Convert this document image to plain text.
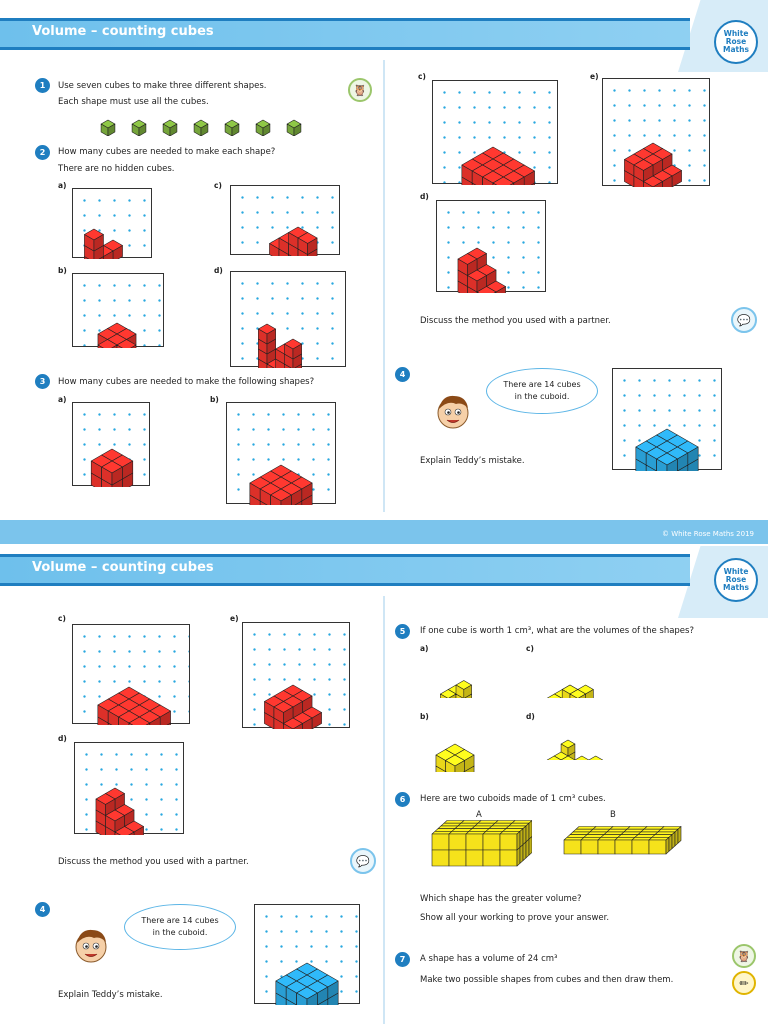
Volume – counting cubes	White
Rose
Maths
1	Use seven cubes to make three different shapes.
Each shape must use all the cubes.
🦉
2	How many cubes are needed to make each shape?
There are no hidden cubes.
a)	c)
b)	d)
3	How many cubes are needed to make the following shapes?
a)	b)
c)	e)
d)
Discuss the method you used with a partner.	💬
4
There are 14 cubes in the cuboid.
Explain Teddy’s mistake.
© White Rose Maths 2019
Volume – counting cubes	White
Rose
Maths
c)	e)
d)
Discuss the method you used with a partner.	💬
4
There are 14 cubes in the cuboid.
Explain Teddy’s mistake.
5	If one cube is worth 1 cm³, what are the volumes of the shapes?
a)	c)
b)	d)
6	Here are two cuboids made of 1 cm³ cubes.
A	B
Which shape has the greater volume?
Show all your working to prove your answer.
7	A shape has a volume of 24 cm³
Make two possible shapes from cubes and then draw them.
🦉
✏
